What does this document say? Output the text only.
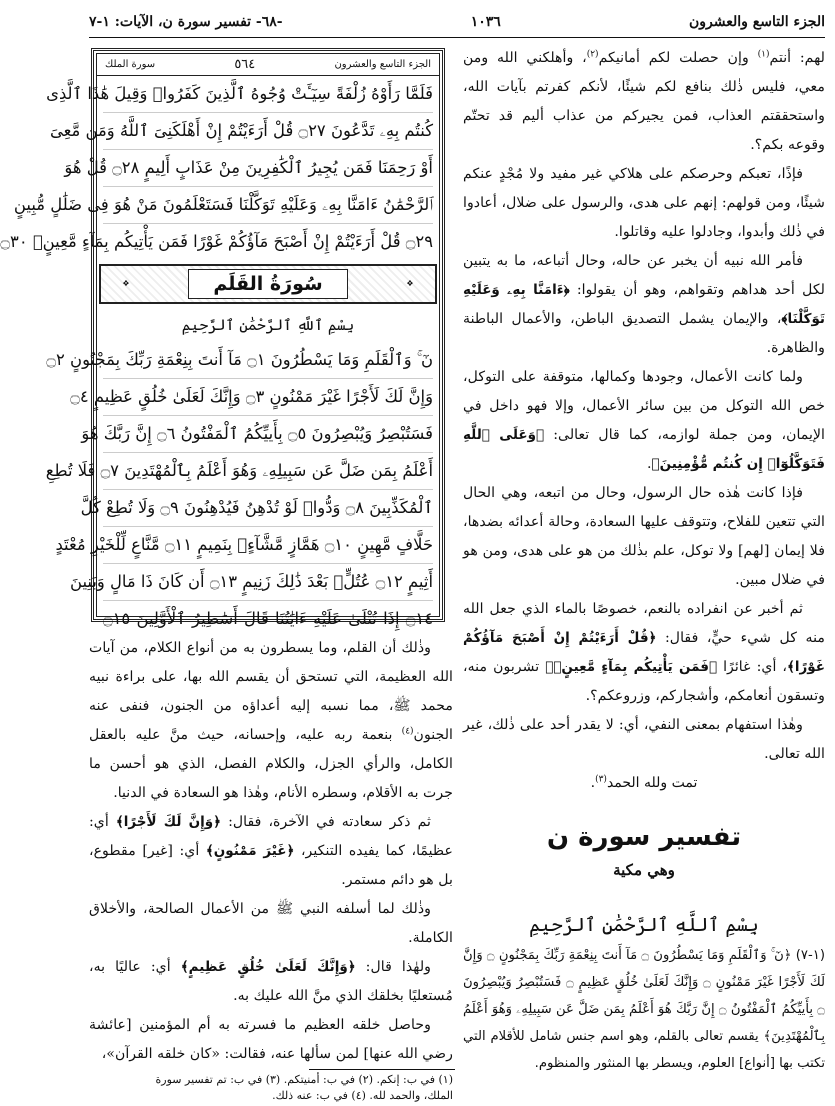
الجزء التاسع والعشرون
١٠٣٦
-٦٨- تفسير سورة ن، الآيات: ١-٧

لهم: أنتم$^{(١)}$ وإن حصلت لكم أمانيكم$^{(٢)}$، وأهلكني الله ومن معي، فليس ذٰلك بنافع لكم شيئًا، لأنكم كفرتم بآيات الله، واستحققتم العذاب، فمن يجيركم من عذاب أليم قد تحتّم وقوعه بكم؟.

فإذًا، تعبكم وحرصكم على هلاكي غير مفيد ولا مُجْدٍ عنكم شيئًا، ومن قولهم: إنهم على هدى، والرسول على ضلال، أعادوا في ذٰلك وأبدوا، وجادلوا عليه وقاتلوا.

فأمر الله نبيه أن يخبر عن حاله، وحال أتباعه، ما به يتبين لكل أحد هداهم وتقواهم، وهو أن يقولوا: ﴿ءَامَنَّا بِهِۦ وَعَلَيْهِ تَوَكَّلْنَا﴾، والإيمان يشمل التصديق الباطن، والأعمال الباطنة والظاهرة.

ولما كانت الأعمال، وجودها وكمالها، متوقفة على التوكل، خص الله التوكل من بين سائر الأعمال، وإلا فهو داخل في الإيمان، ومن جملة لوازمه، كما قال تعالى: ﴿وَعَلَى ٱللَّهِ فَتَوَكَّلُوٓا۟ إِن كُنتُم مُّؤْمِنِينَ﴾.

فإذا كانت هٰذه حال الرسول، وحال من اتبعه، وهي الحال التي تتعين للفلاح، وتتوقف عليها السعادة، وحالة أعدائه بضدها، فلا إيمان [لهم] ولا توكل، علم بذٰلك من هو على هدى، ومن هو في ضلال مبين.

ثم أخبر عن انفراده بالنعم، خصوصًا بالماء الذي جعل الله منه كل شيء حيٍّ، فقال: ﴿قُلْ أَرَءَيْتُمْ إِنْ أَصْبَحَ مَآؤُكُمْ غَوْرًا﴾، أي: غائرًا ﴿فَمَن يَأْتِيكُم بِمَآءٍ مَّعِينٍۭ﴾ تشربون منه، وتسقون أنعامكم، وأشجاركم، وزروعكم؟.

وهٰذا استفهام بمعنى النفي، أي: لا يقدر أحد على ذٰلك، غير الله تعالى.

تمت ولله الحمد$^{(٣)}$.

تفسير سورة ن
وهي مكية
بِسْمِ ٱللَّهِ ٱلرَّحْمَٰنِ ٱلرَّحِيمِ

(١-٧) ﴿نٓ ۚ وَٱلْقَلَمِ وَمَا يَسْطُرُونَ ۝ مَآ أَنتَ بِنِعْمَةِ رَبِّكَ بِمَجْنُونٍ ۝ وَإِنَّ لَكَ لَأَجْرًا غَيْرَ مَمْنُونٍ ۝ وَإِنَّكَ لَعَلَىٰ خُلُقٍ عَظِيمٍ ۝ فَسَتُبْصِرُ وَيُبْصِرُونَ ۝ بِأَييِّكُمُ ٱلْمَفْتُونُ ۝ إِنَّ رَبَّكَ هُوَ أَعْلَمُ بِمَن ضَلَّ عَن سَبِيلِهِۦ وَهُوَ أَعْلَمُ بِٱلْمُهْتَدِينَ﴾ يقسم تعالى بالقلم، وهو اسم جنس شامل للأقلام التي تكتب بها [أنواع] العلوم، ويسطر بها المنثور والمنظوم.

الجزء التاسع والعشرون
٥٦٤
سورة الملك
فَلَمَّا رَأَوْهُ زُلْفَةً سِيٓـَٔتْ وُجُوهُ ٱلَّذِينَ كَفَرُوا۟ وَقِيلَ هَٰذَا ٱلَّذِى
كُنتُم بِهِۦ تَدَّعُونَ ۝٢٧ قُلْ أَرَءَيْتُمْ إِنْ أَهْلَكَنِىَ ٱللَّهُ وَمَن مَّعِىَ
أَوْ رَحِمَنَا فَمَن يُجِيرُ ٱلْكَٰفِرِينَ مِنْ عَذَابٍ أَلِيمٍ ۝٢٨ قُلْ هُوَ
ٱلرَّحْمَٰنُ ءَامَنَّا بِهِۦ وَعَلَيْهِ تَوَكَّلْنَا فَسَتَعْلَمُونَ مَنْ هُوَ فِى ضَلَٰلٍ مُّبِينٍ
۝٢٩ قُلْ أَرَءَيْتُمْ إِنْ أَصْبَحَ مَآؤُكُمْ غَوْرًا فَمَن يَأْتِيكُم بِمَآءٍ مَّعِينٍۭ ۝٣٠
❖
سُورَةُ القَلَم
❖
بِسْمِ ٱللَّهِ ٱلرَّحْمَٰنِ ٱلرَّحِيمِ
نٓ ۚ وَٱلْقَلَمِ وَمَا يَسْطُرُونَ ۝١ مَآ أَنتَ بِنِعْمَةِ رَبِّكَ بِمَجْنُونٍ ۝٢
وَإِنَّ لَكَ لَأَجْرًا غَيْرَ مَمْنُونٍ ۝٣ وَإِنَّكَ لَعَلَىٰ خُلُقٍ عَظِيمٍ ۝٤
فَسَتُبْصِرُ وَيُبْصِرُونَ ۝٥ بِأَييِّكُمُ ٱلْمَفْتُونُ ۝٦ إِنَّ رَبَّكَ هُوَ
أَعْلَمُ بِمَن ضَلَّ عَن سَبِيلِهِۦ وَهُوَ أَعْلَمُ بِٱلْمُهْتَدِينَ ۝٧ فَلَا تُطِعِ
ٱلْمُكَذِّبِينَ ۝٨ وَدُّوا۟ لَوْ تُدْهِنُ فَيُدْهِنُونَ ۝٩ وَلَا تُطِعْ كُلَّ
حَلَّافٍ مَّهِينٍ ۝١٠ هَمَّازٍ مَّشَّآءٍۭ بِنَمِيمٍ ۝١١ مَّنَّاعٍ لِّلْخَيْرِ مُعْتَدٍ
أَثِيمٍ ۝١٢ عُتُلٍّۭ بَعْدَ ذَٰلِكَ زَنِيمٍ ۝١٣ أَن كَانَ ذَا مَالٍ وَبَنِينَ
۝١٤ إِذَا تُتْلَىٰ عَلَيْهِ ءَايَٰتُنَا قَالَ أَسَٰطِيرُ ٱلْأَوَّلِينَ ۝١٥

وذٰلك أن القلم، وما يسطرون به من أنواع الكلام، من آيات الله العظيمة، التي تستحق أن يقسم الله بها، على براءة نبيه محمد ﷺ، مما نسبه إليه أعداؤه من الجنون، فنفى عنه الجنون$^{(٤)}$ بنعمة ربه عليه، وإحسانه، حيث منَّ عليه بالعقل الكامل، والرأي الجزل، والكلام الفصل، الذي هو أحسن ما جرت به الأقلام، وسطره الأنام، وهٰذا هو السعادة في الدنيا.

ثم ذكر سعادته في الآخرة، فقال: ﴿وَإِنَّ لَكَ لَأَجْرًا﴾ أي: عظيمًا، كما يفيده التنكير، ﴿غَيْرَ مَمْنُونٍ﴾ أي: [غير] مقطوع، بل هو دائم مستمر.

وذٰلك لما أسلفه النبي ﷺ من الأعمال الصالحة، والأخلاق الكاملة.

ولهٰذا قال: ﴿وَإِنَّكَ لَعَلَىٰ خُلُقٍ عَظِيمٍ﴾ أي: عاليًا به، مُستعليًا بخلقك الذي منَّ الله عليك به.

وحاصل خلقه العظيم ما فسرته به أم المؤمنين [عائشة رضي الله عنها] لمن سألها عنه، فقالت: «كان خلقه القرآن»،

(١) في ب: إنكم. (٢) في ب: أمنيتكم. (٣) في ب: تم تفسير سورة
الملك، والحمد لله. (٤) في ب: عنه ذلك.
